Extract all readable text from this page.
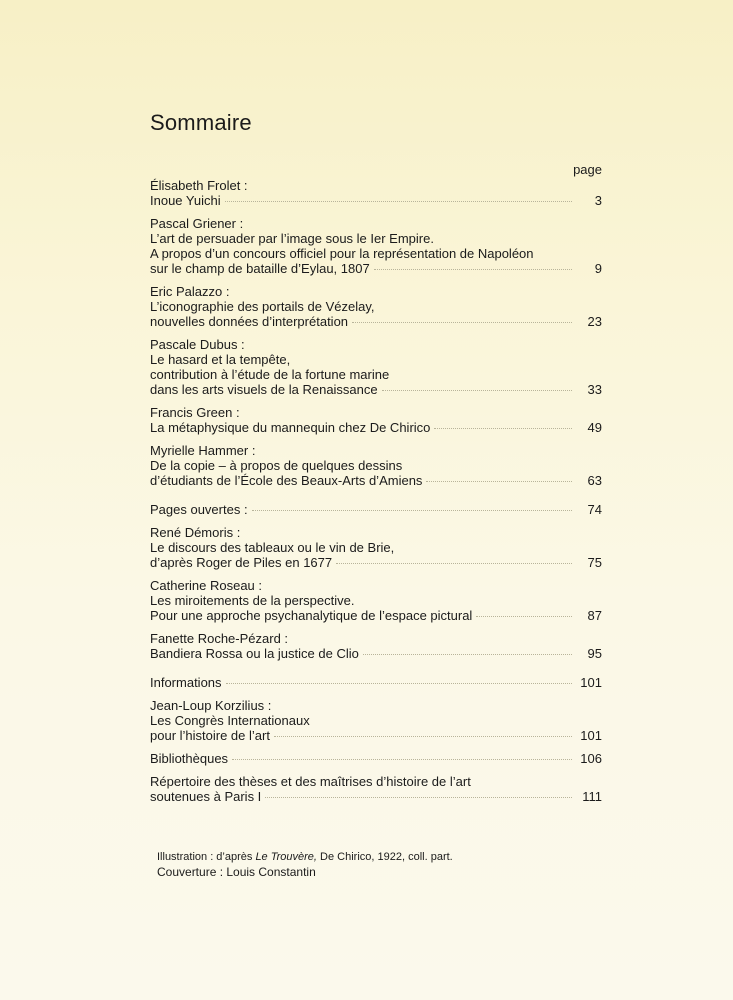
Sommaire
page
Élisabeth Frolet :
Inoue Yuichi	3
Pascal Griener :
L’art de persuader par l’image sous le Ier Empire.
A propos d’un concours officiel pour la représentation de Napoléon
sur le champ de bataille d’Eylau, 1807	9
Eric Palazzo :
L’iconographie des portails de Vézelay,
nouvelles données d’interprétation	23
Pascale Dubus :
Le hasard et la tempête,
contribution à l’étude de la fortune marine
dans les arts visuels de la Renaissance	33
Francis Green :
La métaphysique du mannequin chez De Chirico	49
Myrielle Hammer :
De la copie – à propos de quelques dessins
d’étudiants de l’École des Beaux-Arts d’Amiens	63
Pages ouvertes :	74
René Démoris :
Le discours des tableaux ou le vin de Brie,
d’après Roger de Piles en 1677	75
Catherine Roseau :
Les miroitements de la perspective.
Pour une approche psychanalytique de l’espace pictural	87
Fanette Roche-Pézard :
Bandiera Rossa ou la justice de Clio	95
Informations	101
Jean-Loup Korzilius :
Les Congrès Internationaux
pour l’histoire de l’art	101
Bibliothèques	106
Répertoire des thèses et des maîtrises d’histoire de l’art
soutenues à Paris I	111
Illustration : d’après Le Trouvère, De Chirico, 1922, coll. part.
Couverture : Louis Constantin
